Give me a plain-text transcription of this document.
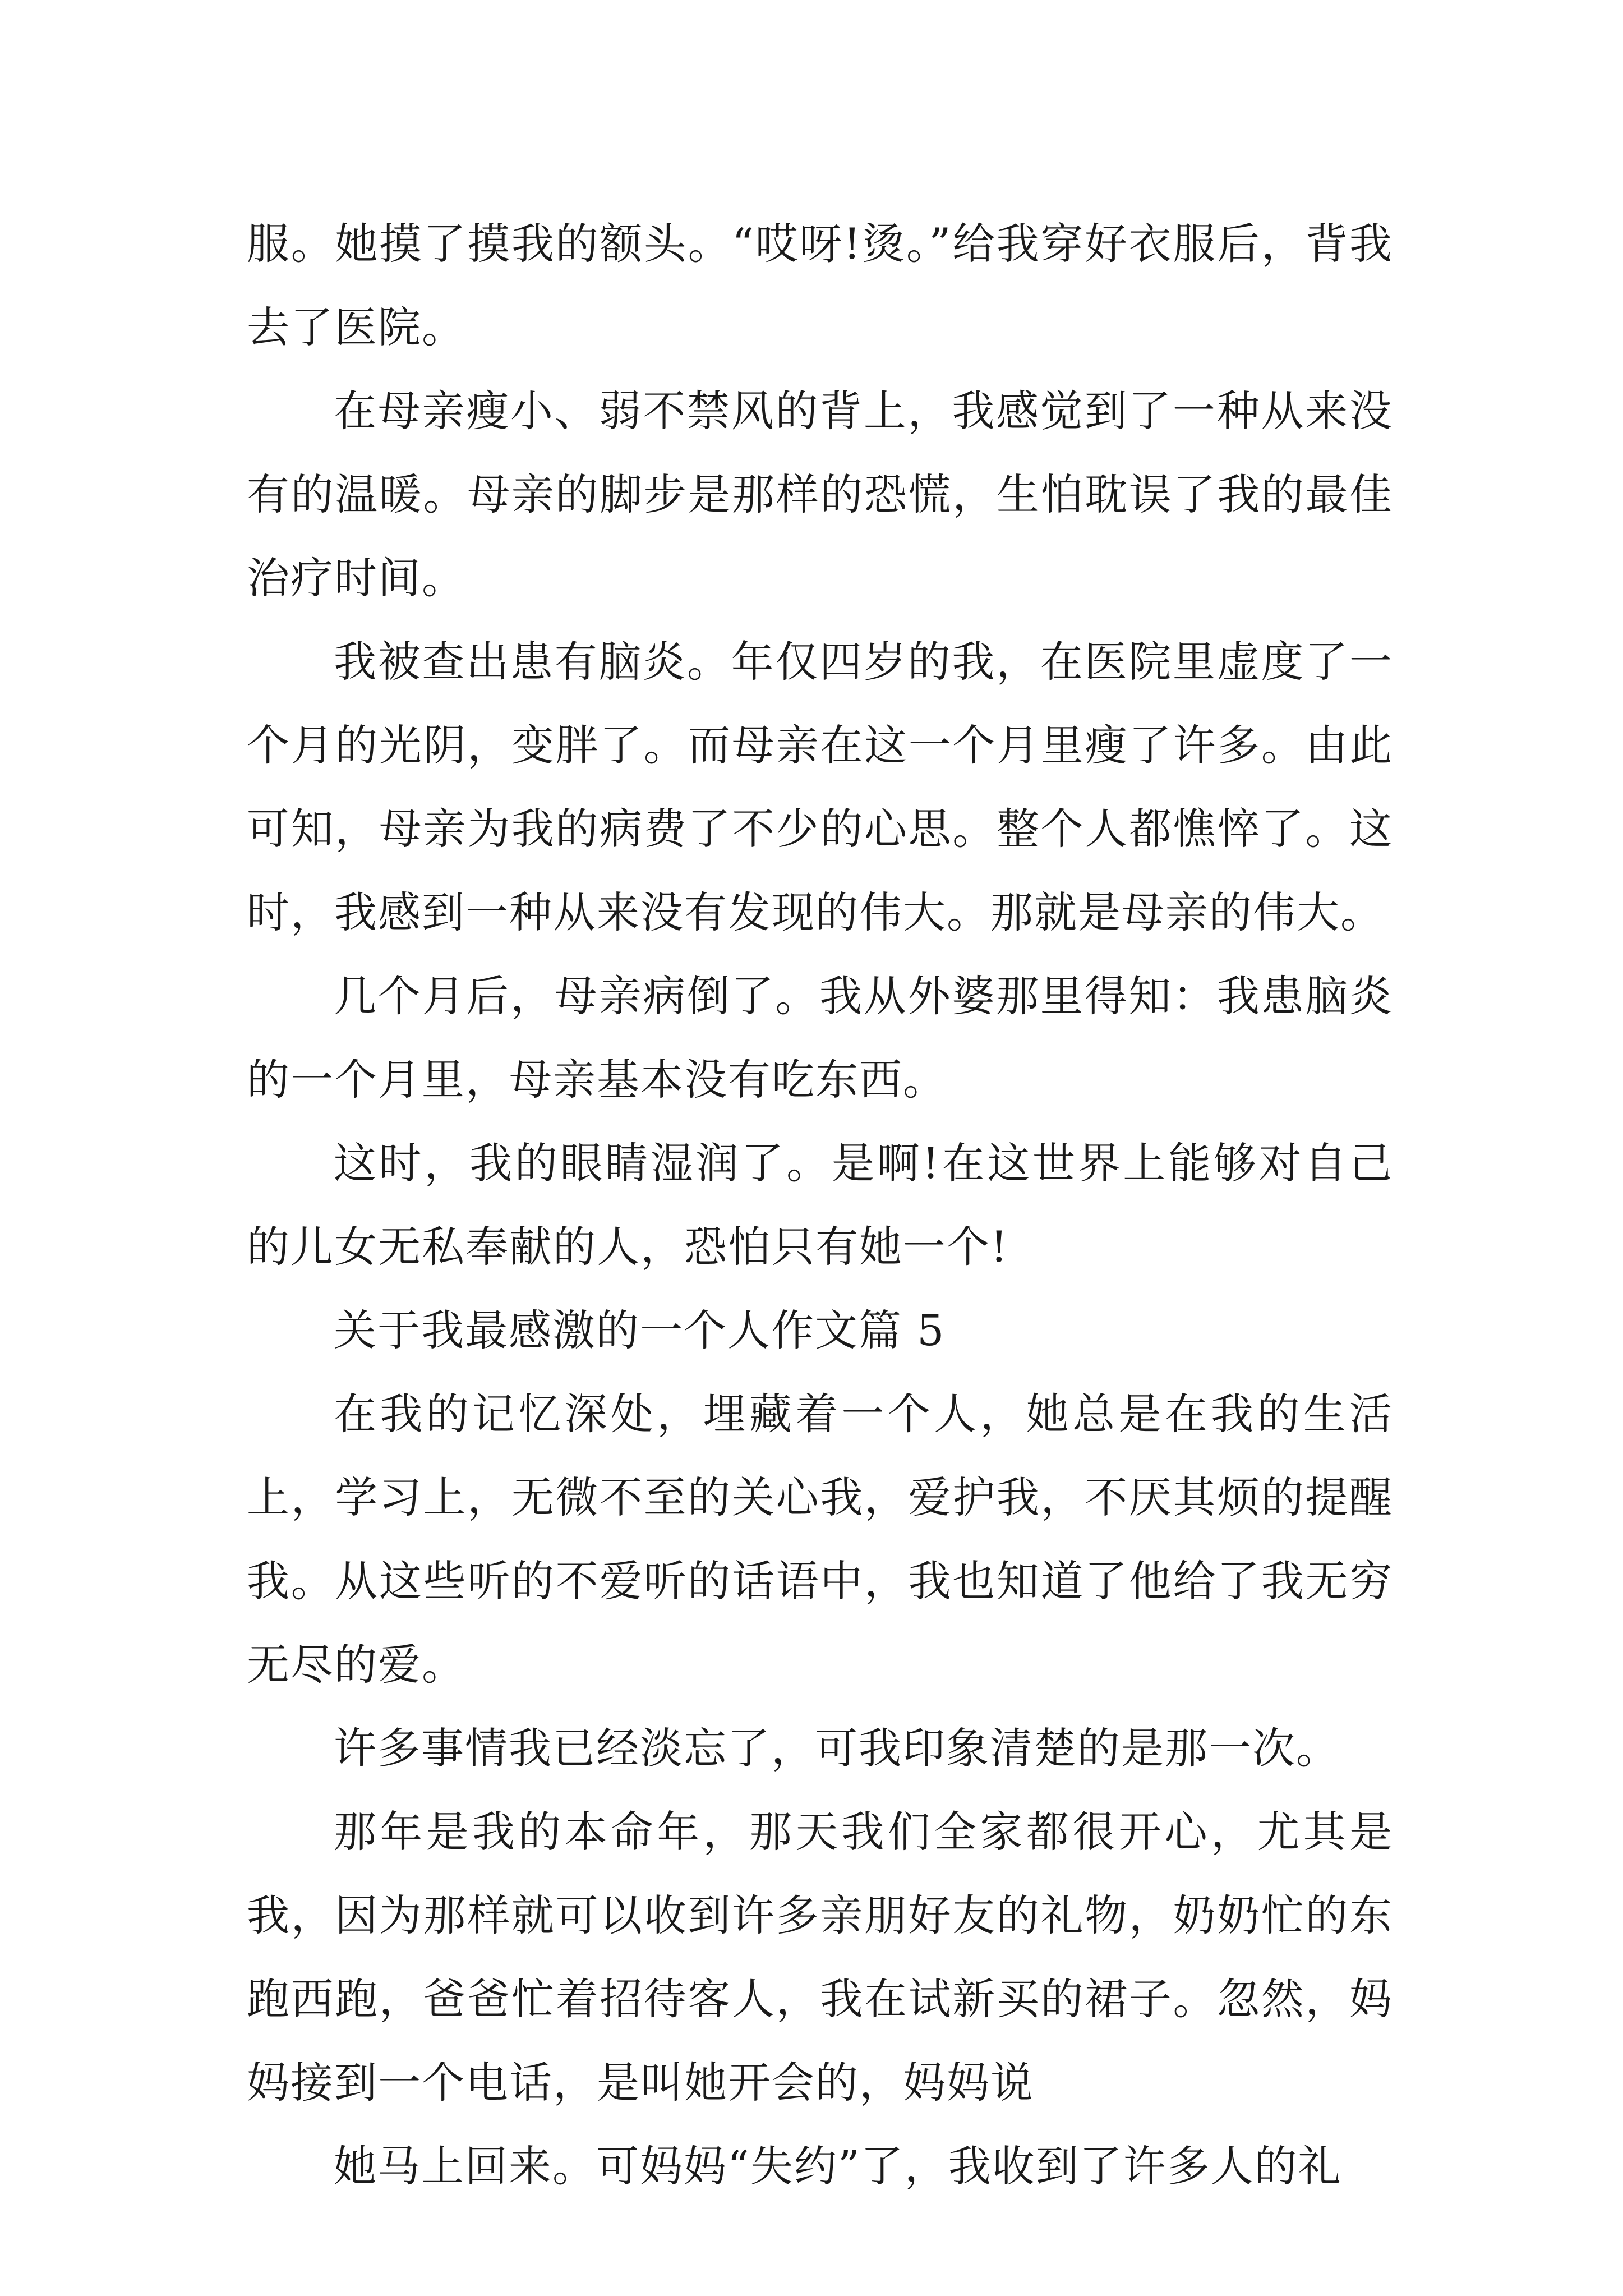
服。她摸了摸我的额头。“哎呀!烫。”给我穿好衣服后，背我去了医院。

在母亲瘦小、弱不禁风的背上，我感觉到了一种从来没有的温暖。母亲的脚步是那样的恐慌，生怕耽误了我的最佳治疗时间。

我被查出患有脑炎。年仅四岁的我，在医院里虚度了一个月的光阴，变胖了。而母亲在这一个月里瘦了许多。由此可知，母亲为我的病费了不少的心思。整个人都憔悴了。这时，我感到一种从来没有发现的伟大。那就是母亲的伟大。

几个月后，母亲病倒了。我从外婆那里得知：我患脑炎的一个月里，母亲基本没有吃东西。

这时，我的眼睛湿润了。是啊!在这世界上能够对自己的儿女无私奉献的人，恐怕只有她一个!

关于我最感激的一个人作文篇 5

在我的记忆深处，埋藏着一个人，她总是在我的生活上，学习上，无微不至的关心我，爱护我，不厌其烦的提醒我。从这些听的不爱听的话语中，我也知道了他给了我无穷无尽的爱。

许多事情我已经淡忘了，可我印象清楚的是那一次。

那年是我的本命年，那天我们全家都很开心，尤其是我，因为那样就可以收到许多亲朋好友的礼物，奶奶忙的东跑西跑，爸爸忙着招待客人，我在试新买的裙子。忽然，妈妈接到一个电话，是叫她开会的，妈妈说

她马上回来。可妈妈“失约”了，我收到了许多人的礼
